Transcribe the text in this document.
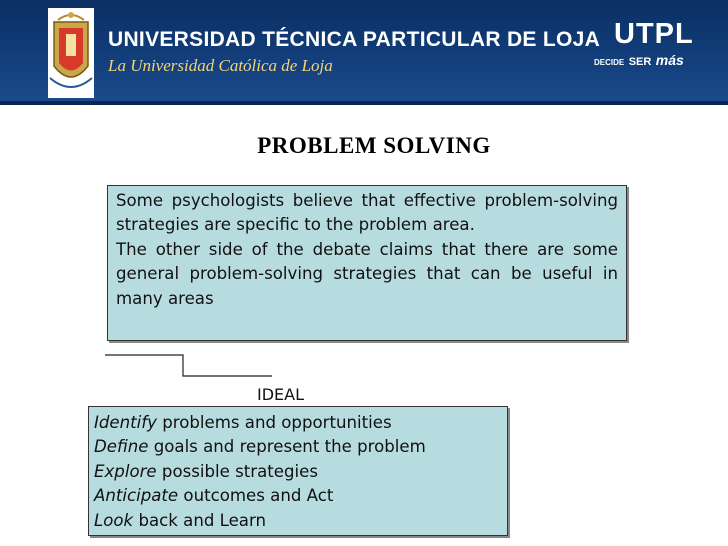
UNIVERSIDAD TÉCNICA PARTICULAR DE LOJA
La Universidad Católica de Loja
UTPL
DECIDE SER más
PROBLEM SOLVING

Some psychologists believe that effective problem-solving strategies are specific to the problem area.

The other side of the debate claims that there are some general problem-solving strategies that can be useful in many areas

IDEAL
Identify problems and opportunities
Define goals and represent the problem
Explore possible strategies
Anticipate outcomes and Act
Look back and Learn
